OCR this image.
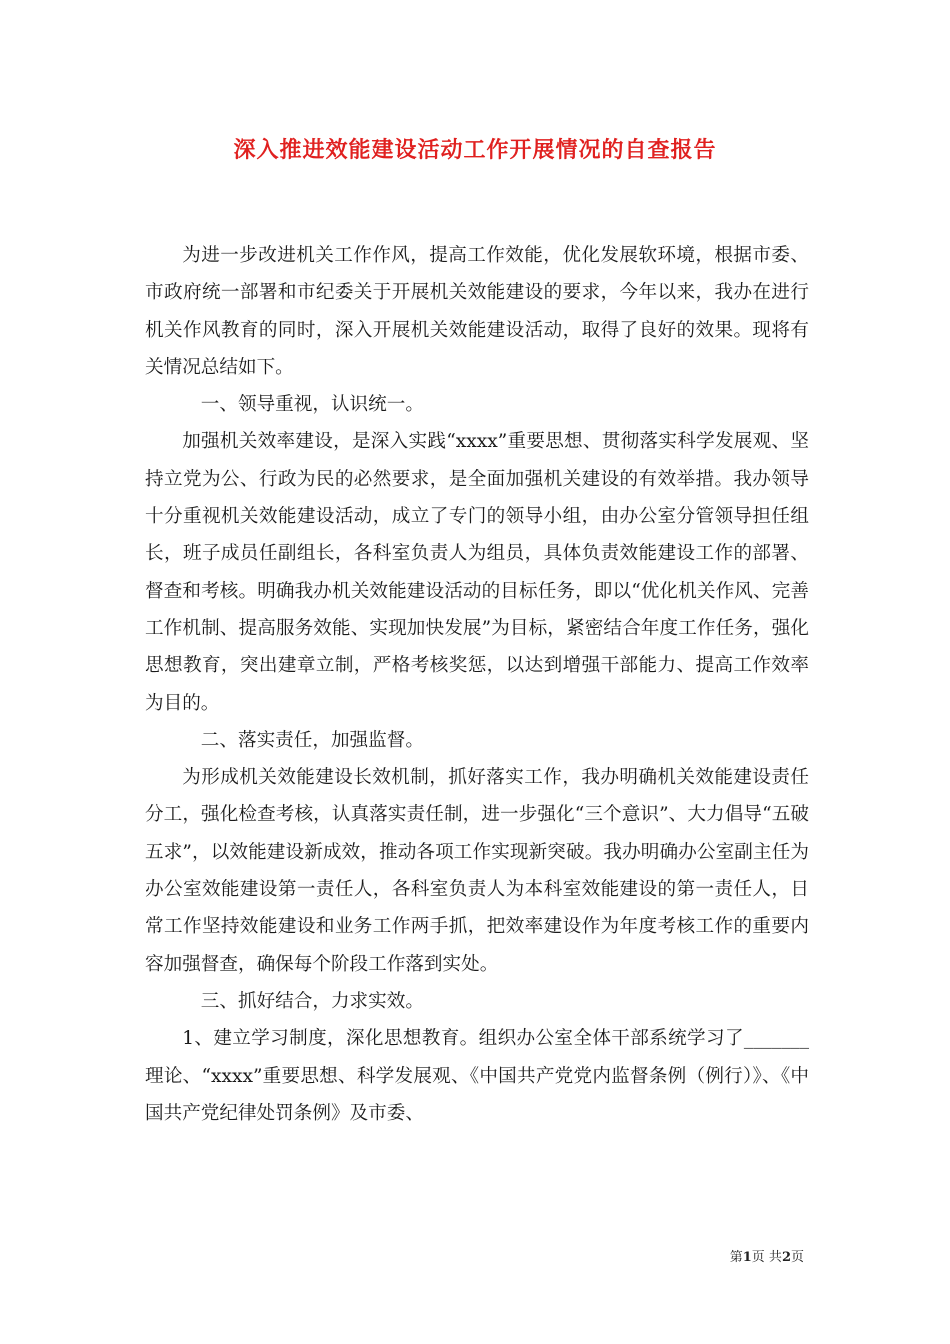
深入推进效能建设活动工作开展情况的自查报告

为进一步改进机关工作作风，提高工作效能，优化发展软环境，根据市委、市政府统一部署和市纪委关于开展机关效能建设的要求，今年以来，我办在进行机关作风教育的同时，深入开展机关效能建设活动，取得了良好的效果。现将有关情况总结如下。

一、领导重视，认识统一。

加强机关效率建设，是深入实践“xxxx”重要思想、贯彻落实科学发展观、坚持立党为公、行政为民的必然要求，是全面加强机关建设的有效举措。我办领导十分重视机关效能建设活动，成立了专门的领导小组，由办公室分管领导担任组长，班子成员任副组长，各科室负责人为组员，具体负责效能建设工作的部署、督查和考核。明确我办机关效能建设活动的目标任务，即以“优化机关作风、完善工作机制、提高服务效能、实现加快发展”为目标，紧密结合年度工作任务，强化思想教育，突出建章立制，严格考核奖惩，以达到增强干部能力、提高工作效率为目的。

二、落实责任，加强监督。

为形成机关效能建设长效机制，抓好落实工作，我办明确机关效能建设责任分工，强化检查考核，认真落实责任制，进一步强化“三个意识”、大力倡导“五破五求”，以效能建设新成效，推动各项工作实现新突破。我办明确办公室副主任为办公室效能建设第一责任人，各科室负责人为本科室效能建设的第一责任人，日常工作坚持效能建设和业务工作两手抓，把效率建设作为年度考核工作的重要内容加强督查，确保每个阶段工作落到实处。

三、抓好结合，力求实效。

1、建立学习制度，深化思想教育。组织办公室全体干部系统学习了_______理论、“xxxx”重要思想、科学发展观、《中国共产党党内监督条例（例行）》、《中国共产党纪律处罚条例》及市委、

第1页 共2页
